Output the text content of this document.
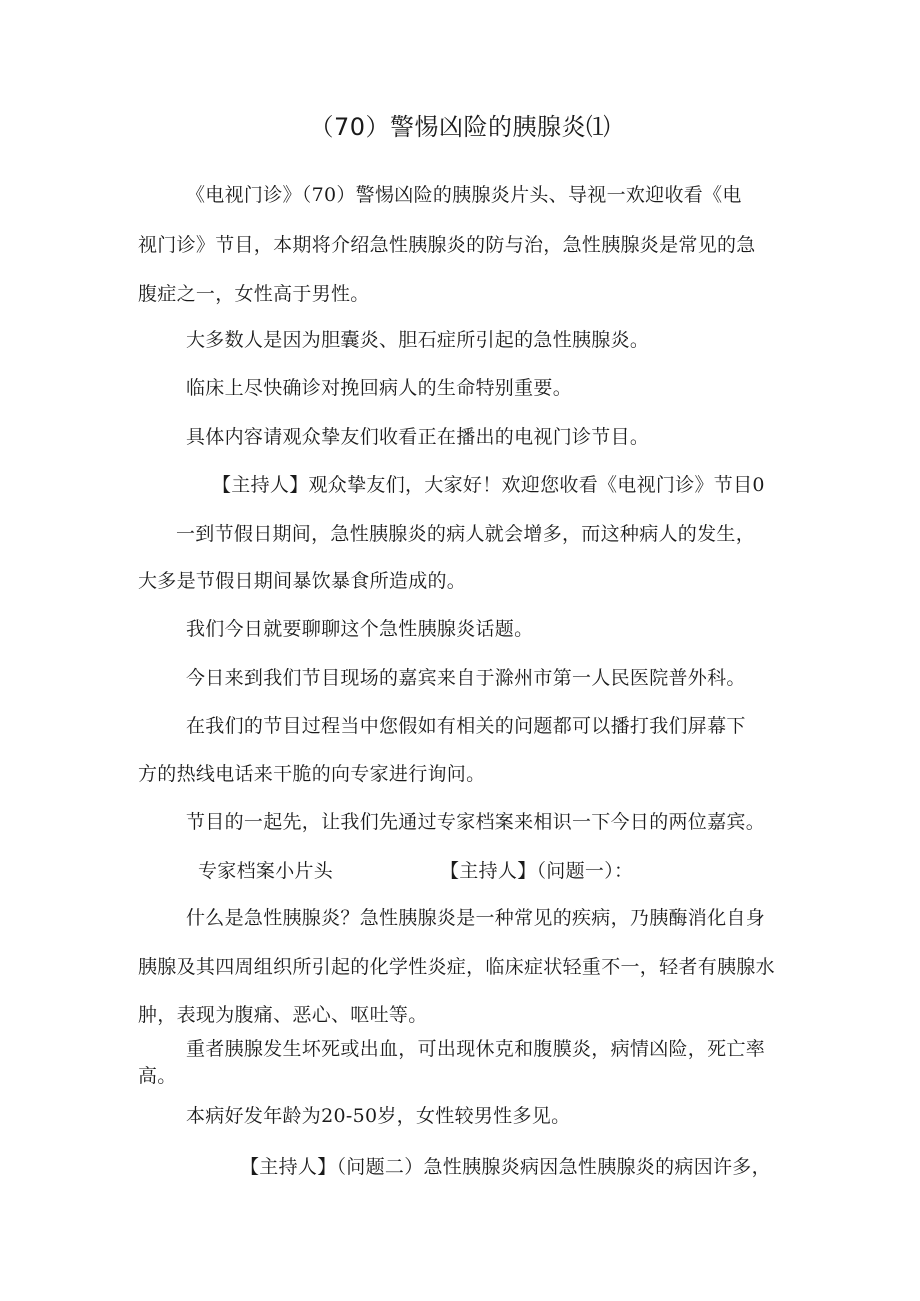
（70）警惕凶险的胰腺炎⑴
《电视门诊》（70）警惕凶险的胰腺炎片头、导视一欢迎收看《电
视门诊》节目，本期将介绍急性胰腺炎的防与治，急性胰腺炎是常见的急
腹症之一，女性高于男性。
大多数人是因为胆囊炎、胆石症所引起的急性胰腺炎。
临床上尽快确诊对挽回病人的生命特别重要。
具体内容请观众挚友们收看正在播出的电视门诊节目。
【主持人】观众挚友们，大家好！欢迎您收看《电视门诊》节目0
一到节假日期间，急性胰腺炎的病人就会增多，而这种病人的发生，
大多是节假日期间暴饮暴食所造成的。
我们今日就要聊聊这个急性胰腺炎话题。
今日来到我们节目现场的嘉宾来自于滁州市第一人民医院普外科。
在我们的节目过程当中您假如有相关的问题都可以播打我们屏幕下
方的热线电话来干脆的向专家进行询问。
节目的一起先，让我们先通过专家档案来相识一下今日的两位嘉宾。
专家档案小片头	【主持人】（问题一）：
什么是急性胰腺炎？急性胰腺炎是一种常见的疾病，乃胰酶消化自身
胰腺及其四周组织所引起的化学性炎症，临床症状轻重不一，轻者有胰腺水
肿，表现为腹痛、恶心、呕吐等。
重者胰腺发生坏死或出血，可出现休克和腹膜炎，病情凶险，死亡率
高。
本病好发年龄为20-50岁，女性较男性多见。
【主持人】（问题二）急性胰腺炎病因急性胰腺炎的病因许多，
